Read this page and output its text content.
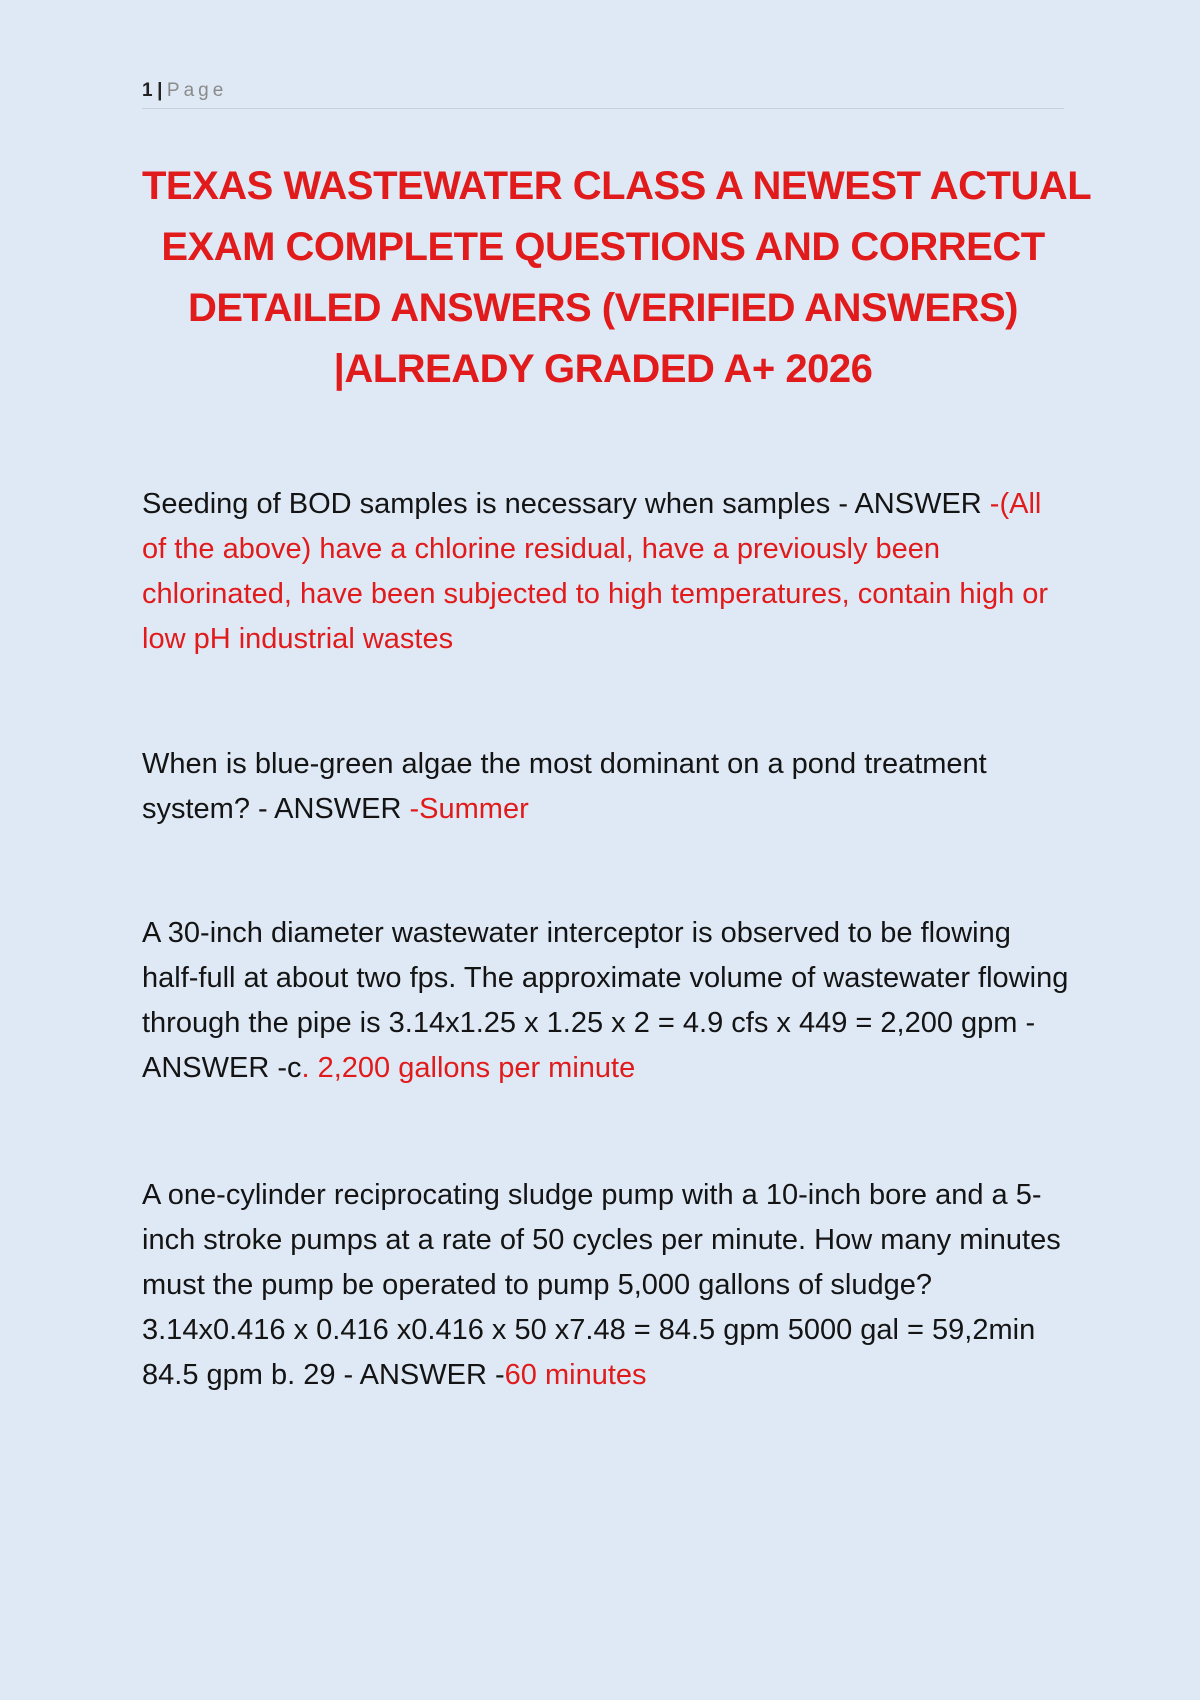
1 | Page
TEXAS WASTEWATER CLASS A NEWEST ACTUAL
EXAM COMPLETE QUESTIONS AND CORRECT
DETAILED ANSWERS (VERIFIED ANSWERS)
|ALREADY GRADED A+ 2026

Seeding of BOD samples is necessary when samples - ANSWER -(All of the above) have a chlorine residual, have a previously been chlorinated, have been subjected to high temperatures, contain high or low pH industrial wastes

When is blue-green algae the most dominant on a pond treatment system? - ANSWER -Summer

A 30-inch diameter wastewater interceptor is observed to be flowing half-full at about two fps. The approximate volume of wastewater flowing through the pipe is 3.14x1.25 x 1.25 x 2 = 4.9 cfs x 449 = 2,200 gpm - ANSWER -c. 2,200 gallons per minute

A one-cylinder reciprocating sludge pump with a 10-inch bore and a 5-inch stroke pumps at a rate of 50 cycles per minute. How many minutes must the pump be operated to pump 5,000 gallons of sludge? 3.14x0.416 x 0.416 x0.416 x 50 x7.48 = 84.5 gpm 5000 gal = 59,2min 84.5 gpm b. 29 - ANSWER -60 minutes
